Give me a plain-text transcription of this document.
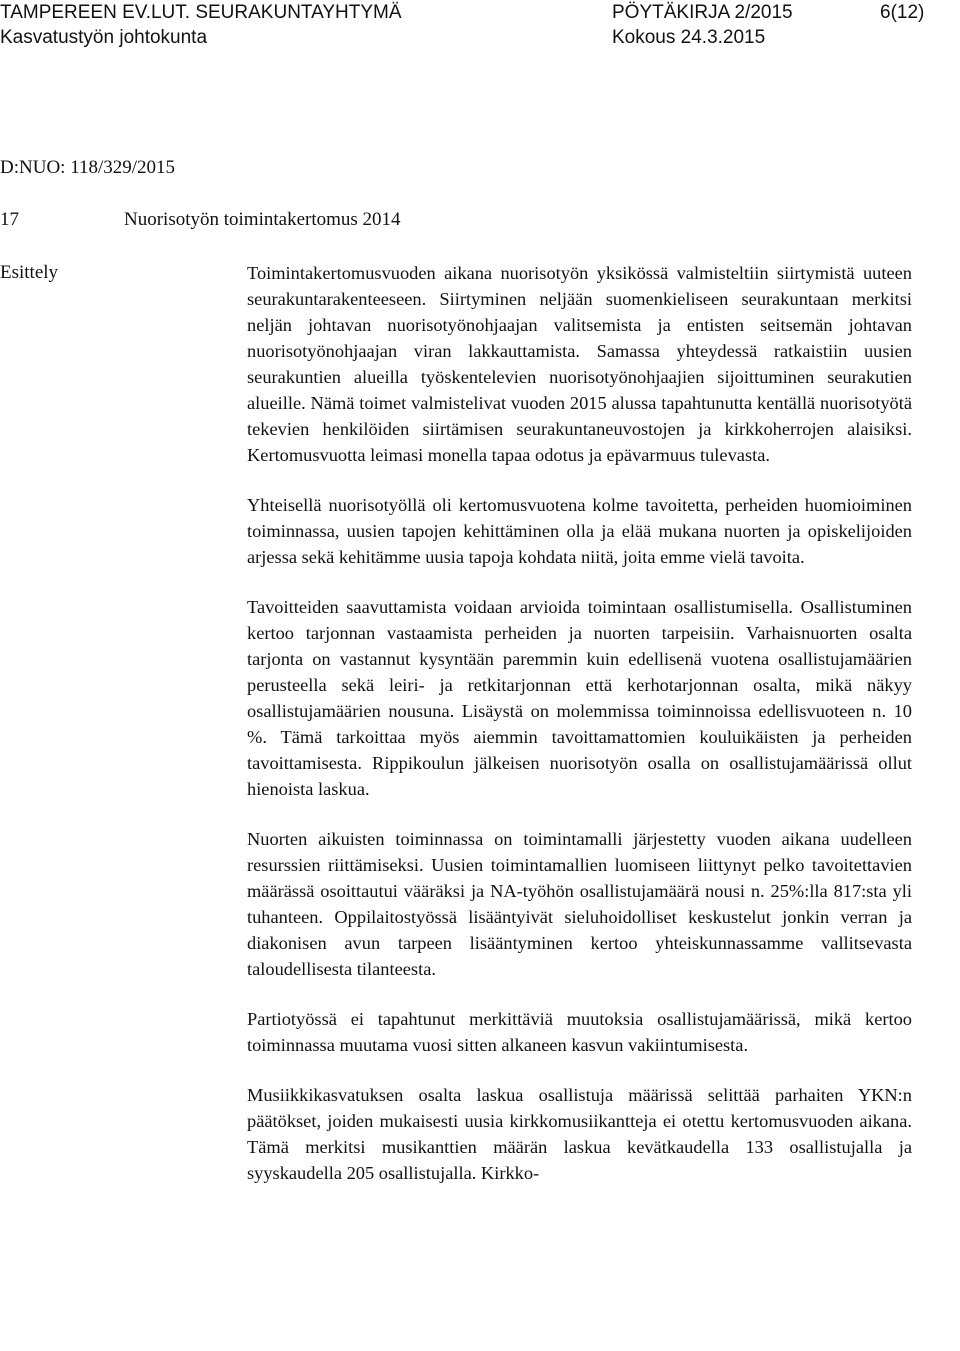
TAMPEREEN EV.LUT. SEURAKUNTAYHTYMÄ	PÖYTÄKIRJA 2/2015	6(12)
Kasvatustyön johtokunta	Kokous 24.3.2015
D:NUO: 118/329/2015
17	Nuorisotyön toimintakertomus 2014
Esittely	Toimintakertomusvuoden aikana nuorisotyön yksikössä valmisteltiin siirtymistä uuteen seurakuntarakenteeseen. Siirtyminen neljään suomenkieliseen seurakuntaan merkitsi neljän johtavan nuorisotyönohjaajan valitsemista ja entisten seitsemän johtavan nuorisotyönohjaajan viran lakkauttamista. Samassa yhteydessä ratkaistiin uusien seurakuntien alueilla työskentelevien nuorisotyönohjaajien sijoittuminen seurakutien alueille. Nämä toimet valmistelivat vuoden 2015 alussa tapahtunutta kentällä nuorisotyötä tekevien henkilöiden siirtämisen seurakuntaneuvostojen ja kirkkoherrojen alaisiksi. Kertomusvuotta leimasi monella tapaa odotus ja epävarmuus tulevasta.

Yhteisellä nuorisotyöllä oli kertomusvuotena kolme tavoitetta, perheiden huomioiminen toiminnassa, uusien tapojen kehittäminen olla ja elää mukana nuorten ja opiskelijoiden arjessa sekä kehitämme uusia tapoja kohdata niitä, joita emme vielä tavoita.

Tavoitteiden saavuttamista voidaan arvioida toimintaan osallistumisella. Osallistuminen kertoo tarjonnan vastaamista perheiden ja nuorten tarpeisiin. Varhaisnuorten osalta tarjonta on vastannut kysyntään paremmin kuin edellisenä vuotena osallistujamäärien perusteella sekä leiri- ja retkitarjonnan että kerhotarjonnan osalta, mikä näkyy osallistujamäärien nousuna. Lisäystä on molemmissa toiminnoissa edellisvuoteen n. 10 %. Tämä tarkoittaa myös aiemmin tavoittamattomien kouluikäisten ja perheiden tavoittamisesta. Rippikoulun jälkeisen nuorisotyön osalla on osallistujamäärissä ollut hienoista laskua.

Nuorten aikuisten toiminnassa on toimintamalli järjestetty vuoden aikana uudelleen resurssien riittämiseksi. Uusien toimintamallien luomiseen liittynyt pelko tavoitettavien määrässä osoittautui vääräksi ja NA-työhön osallistujamäärä nousi n. 25%:lla 817:sta yli tuhanteen. Oppilaitostyössä lisääntyivät sieluhoidolliset keskustelut jonkin verran ja diakonisen avun tarpeen lisääntyminen kertoo yhteiskunnassamme vallitsevasta taloudellisesta tilanteesta.

Partiotyössä ei tapahtunut merkittäviä muutoksia osallistujamäärissä, mikä kertoo toiminnassa muutama vuosi sitten alkaneen kasvun vakiintumisesta.

Musiikkikasvatuksen osalta laskua osallistuja määrissä selittää parhaiten YKN:n päätökset, joiden mukaisesti uusia kirkkomusiikantteja ei otettu kertomusvuoden aikana. Tämä merkitsi musikanttien määrän laskua kevätkaudella 133 osallistujalla ja syyskaudella 205 osallistujalla. Kirkko-
